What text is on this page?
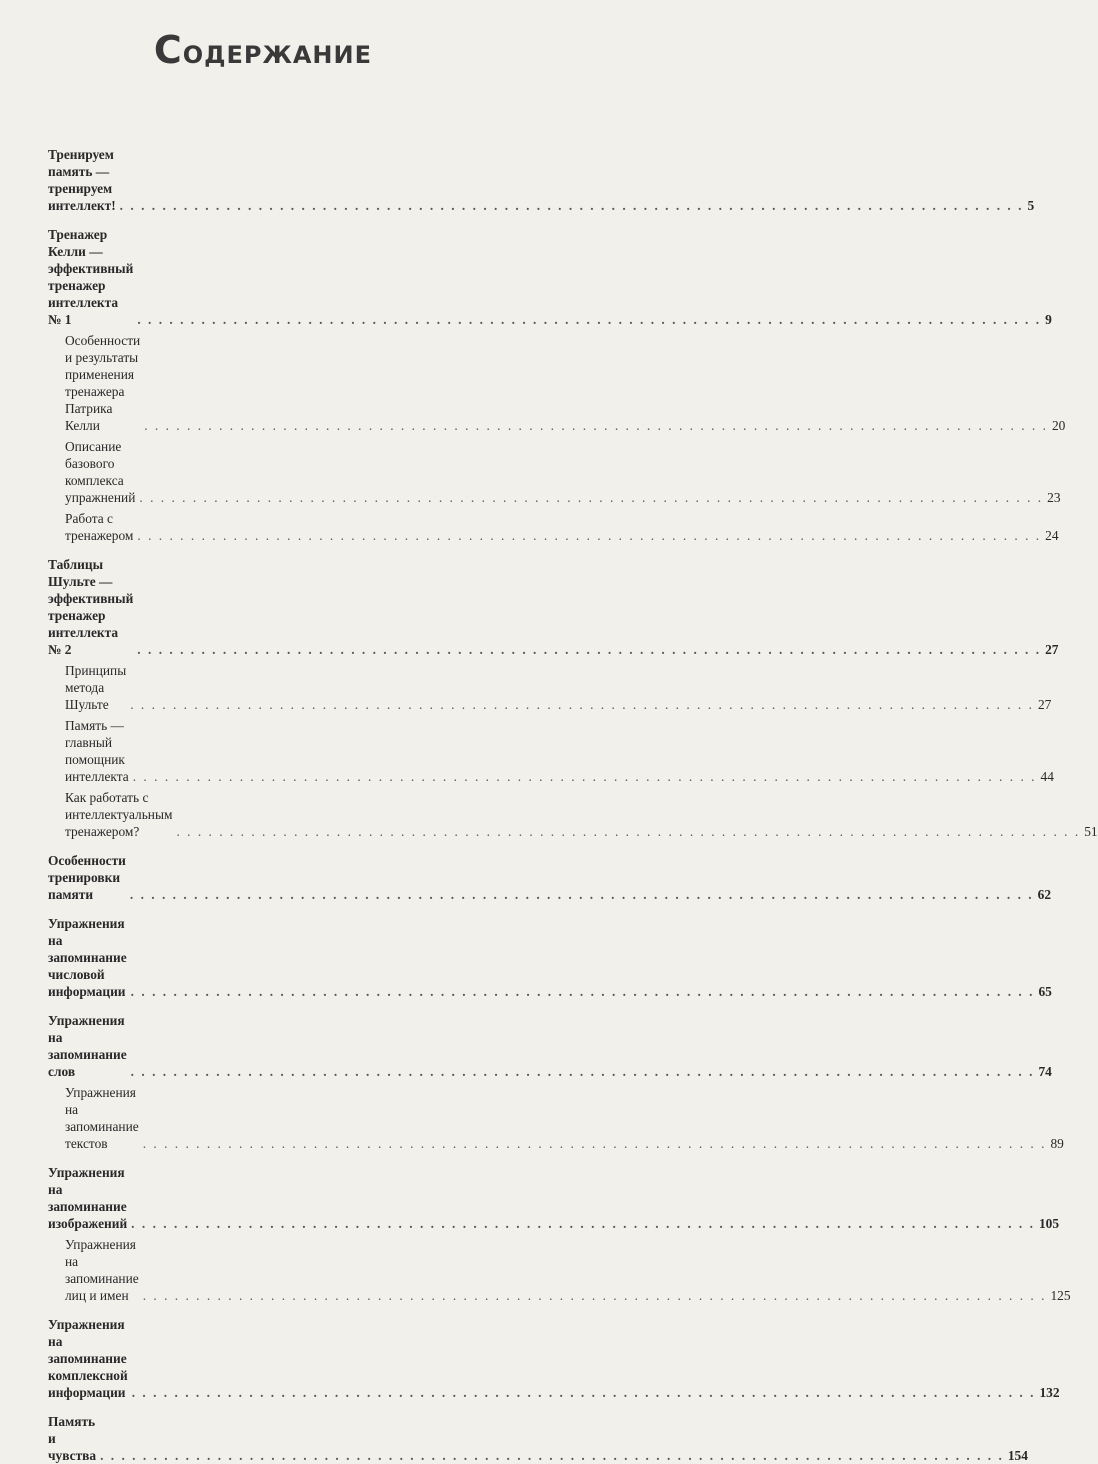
Содержание
Тренируем память —
тренируем интеллект! . . .	5
Тренажер Келли — эффективный тренажер
интеллекта № 1 . . .	9
Особенности и результаты применения
тренажера Патрика Келли . . .	20
Описание базового комплекса
упражнений . . .	23
Работа с тренажером . . .	24
Таблицы Шульте — эффективный тренажер
интеллекта № 2 . . .	27
Принципы метода Шульте . . .	27
Память — главный помощник интеллекта . . .	44
Как работать с интеллектуальным
тренажером? . . .	51
Особенности тренировки памяти . . .	62
Упражнения на запоминание числовой
информации . . .	65
Упражнения на запоминание слов . . .	74
Упражнения на запоминание текстов . . .	89
Упражнения на запоминание изображений . . .	105
Упражнения на запоминание лиц и имен . . .	125
Упражнения на запоминание комплексной
информации . . .	132
Память и чувства . . .	154
